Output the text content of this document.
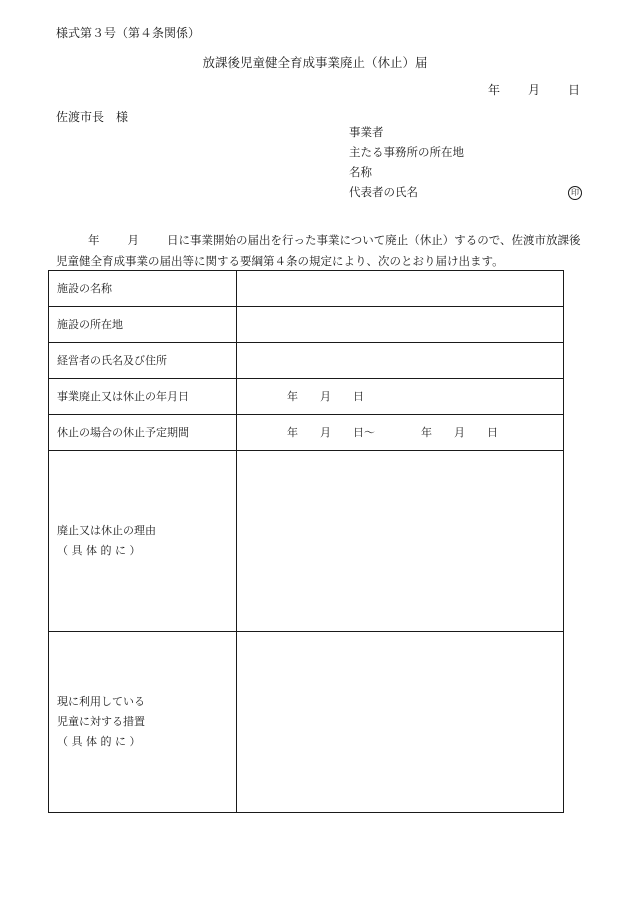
様式第３号（第４条関係）
放課後児童健全育成事業廃止（休止）届
年 月 日
佐渡市長　様
事業者
主たる事務所の所在地
名称
代表者の氏名	印
年 月 日に事業開始の届出を行った事業について廃止（休止）するので、佐渡市放課後児童健全育成事業の届出等に関する要綱第４条の規定により、次のとおり届け出ます。
施設の名称	
施設の所在地	
経営者の氏名及び住所	
事業廃止又は休止の年月日	年 月 日
休止の場合の休止予定期間	年 月 日～ 年 月 日

廃止又は休止の理由
（ 具 体 的 に ）	

現に利用している
児童に対する措置
（ 具 体 的 に ）	
